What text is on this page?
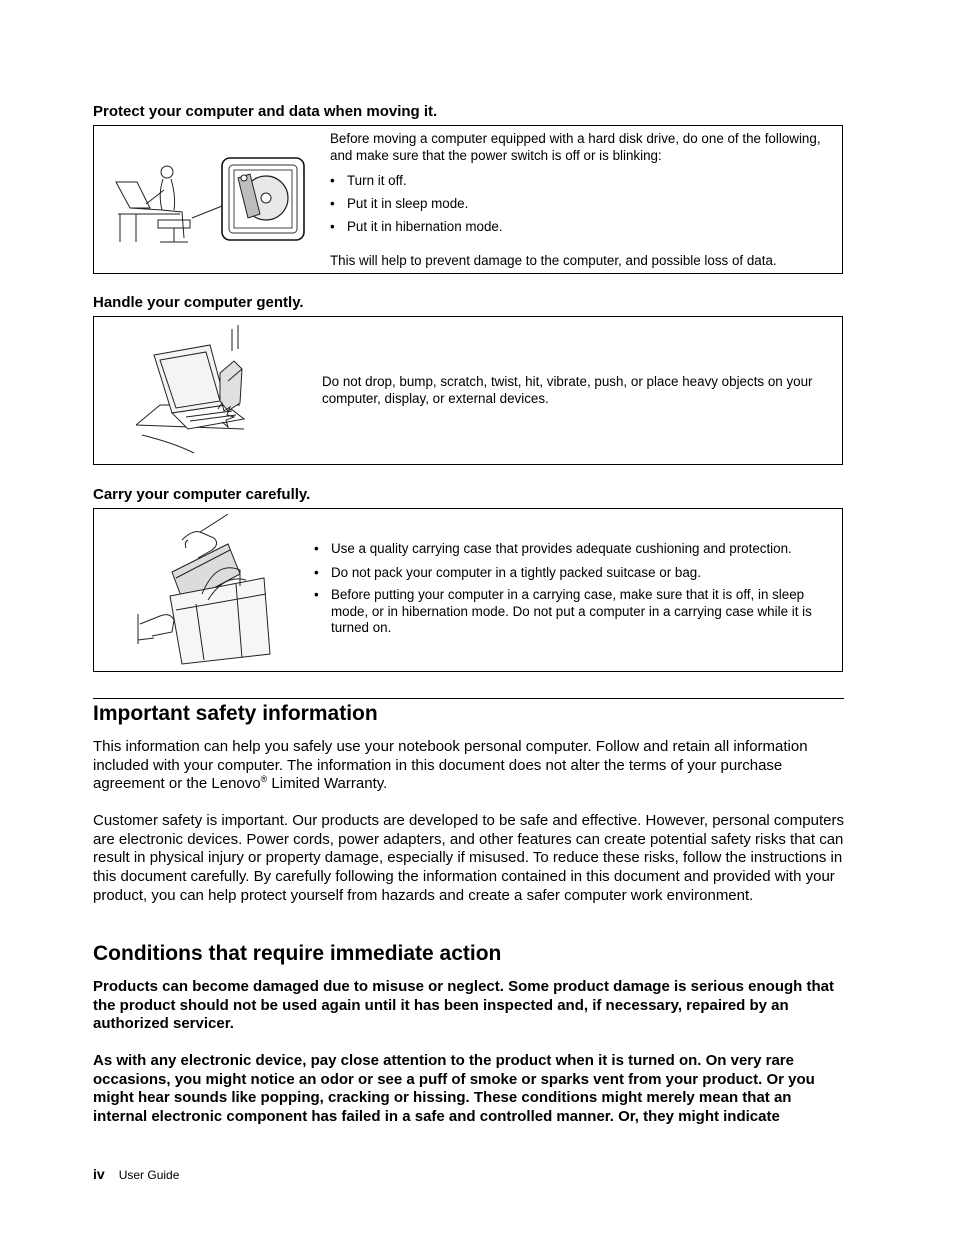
Protect your computer and data when moving it.

Before moving a computer equipped with a hard disk drive, do one of the following, and make sure that the power switch is off or is blinking:

• Turn it off.
• Put it in sleep mode.
• Put it in hibernation mode.

This will help to prevent damage to the computer, and possible loss of data.

Handle your computer gently.
Do not drop, bump, scratch, twist, hit, vibrate, push, or place heavy objects on your computer, display, or external devices.
Carry your computer carefully.
• Use a quality carrying case that provides adequate cushioning and protection.
• Do not pack your computer in a tightly packed suitcase or bag.
• Before putting your computer in a carrying case, make sure that it is off, in sleep mode, or in hibernation mode. Do not put a computer in a carrying case while it is turned on.
Important safety information

This information can help you safely use your notebook personal computer. Follow and retain all information included with your computer. The information in this document does not alter the terms of your purchase agreement or the Lenovo® Limited Warranty.

Customer safety is important. Our products are developed to be safe and effective. However, personal computers are electronic devices. Power cords, power adapters, and other features can create potential safety risks that can result in physical injury or property damage, especially if misused. To reduce these risks, follow the instructions in this document carefully. By carefully following the information contained in this document and provided with your product, you can help protect yourself from hazards and create a safer computer work environment.

Conditions that require immediate action

Products can become damaged due to misuse or neglect. Some product damage is serious enough that the product should not be used again until it has been inspected and, if necessary, repaired by an authorized servicer.

As with any electronic device, pay close attention to the product when it is turned on. On very rare occasions, you might notice an odor or see a puff of smoke or sparks vent from your product. Or you might hear sounds like popping, cracking or hissing. These conditions might merely mean that an internal electronic component has failed in a safe and controlled manner. Or, they might indicate

iv User Guide
